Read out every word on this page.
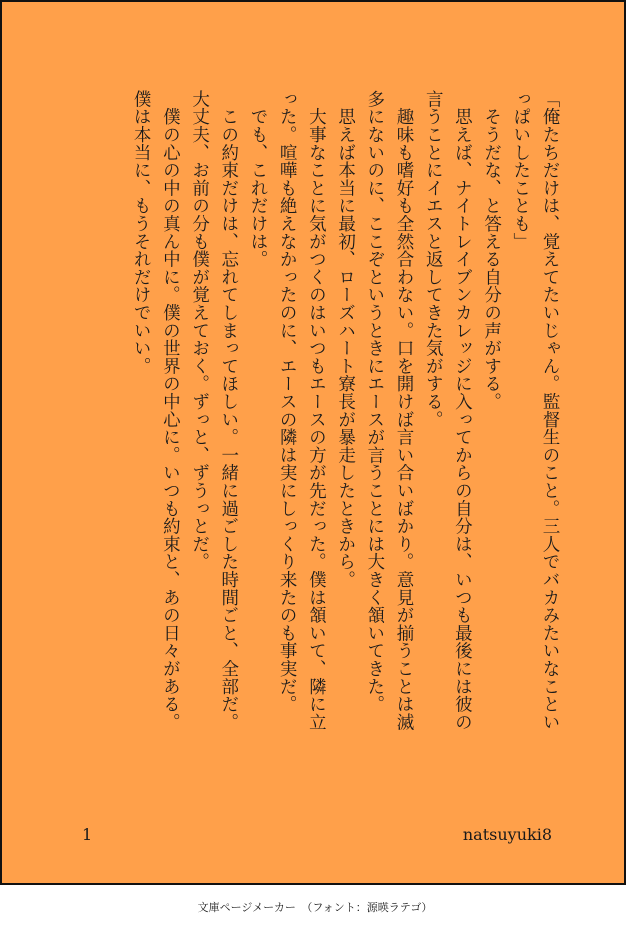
「俺たちだけは、覚えてたいじゃん。監督生のこと。三人でバカみたいなことい
っぱいしたことも」

　そうだな、と答える自分の声がする。

　思えば、ナイトレイブンカレッジに入ってからの自分は、いつも最後には彼の
言うことにイエスと返してきた気がする。

　趣味も嗜好も全然合わない。口を開けば言い合いばかり。意見が揃うことは滅
多にないのに、ここぞというときにエースが言うことには大きく頷いてきた。

　思えば本当に最初、ローズハート寮長が暴走したときから。

　大事なことに気がつくのはいつもエースの方が先だった。僕は頷いて、隣に立
った。喧嘩も絶えなかったのに、エースの隣は実にしっくり来たのも事実だ。

　でも、これだけは。

　この約束だけは、忘れてしまってほしい。一緒に過ごした時間ごと、全部だ。

大丈夫、お前の分も僕が覚えておく。ずっと、ずうっとだ。

　僕の心の中の真ん中に。僕の世界の中心に。いつも約束と、あの日々がある。

僕は本当に、もうそれだけでいい。

1	natsuyuki8
文庫ページメーカー　（フォント：源暎ラテゴ）
